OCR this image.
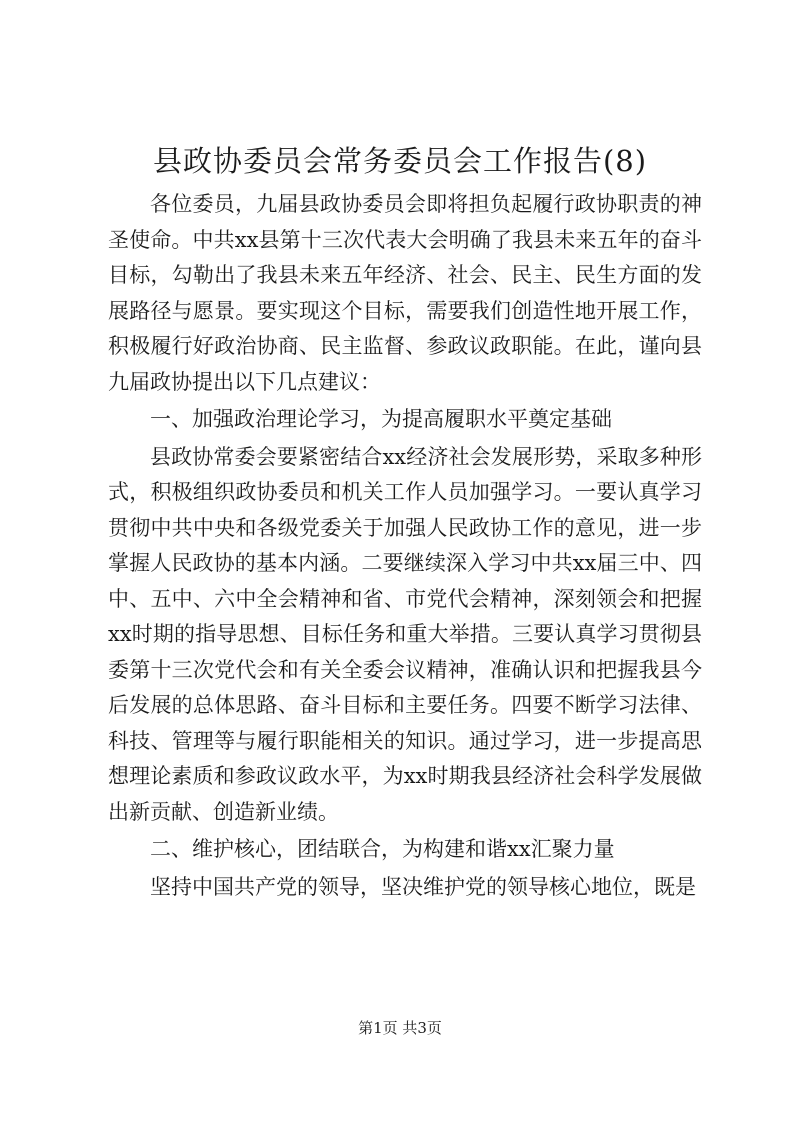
县政协委员会常务委员会工作报告(8)

各位委员，九届县政协委员会即将担负起履行政协职责的神圣使命。中共xx县第十三次代表大会明确了我县未来五年的奋斗目标，勾勒出了我县未来五年经济、社会、民主、民生方面的发展路径与愿景。要实现这个目标，需要我们创造性地开展工作，积极履行好政治协商、民主监督、参政议政职能。在此，谨向县九届政协提出以下几点建议：

一、加强政治理论学习，为提高履职水平奠定基础

县政协常委会要紧密结合xx经济社会发展形势，采取多种形式，积极组织政协委员和机关工作人员加强学习。一要认真学习贯彻中共中央和各级党委关于加强人民政协工作的意见，进一步掌握人民政协的基本内涵。二要继续深入学习中共xx届三中、四中、五中、六中全会精神和省、市党代会精神，深刻领会和把握xx时期的指导思想、目标任务和重大举措。三要认真学习贯彻县委第十三次党代会和有关全委会议精神，准确认识和把握我县今后发展的总体思路、奋斗目标和主要任务。四要不断学习法律、科技、管理等与履行职能相关的知识。通过学习，进一步提高思想理论素质和参政议政水平，为xx时期我县经济社会科学发展做出新贡献、创造新业绩。

二、维护核心，团结联合，为构建和谐xx汇聚力量

坚持中国共产党的领导，坚决维护党的领导核心地位，既是

第1页 共3页
